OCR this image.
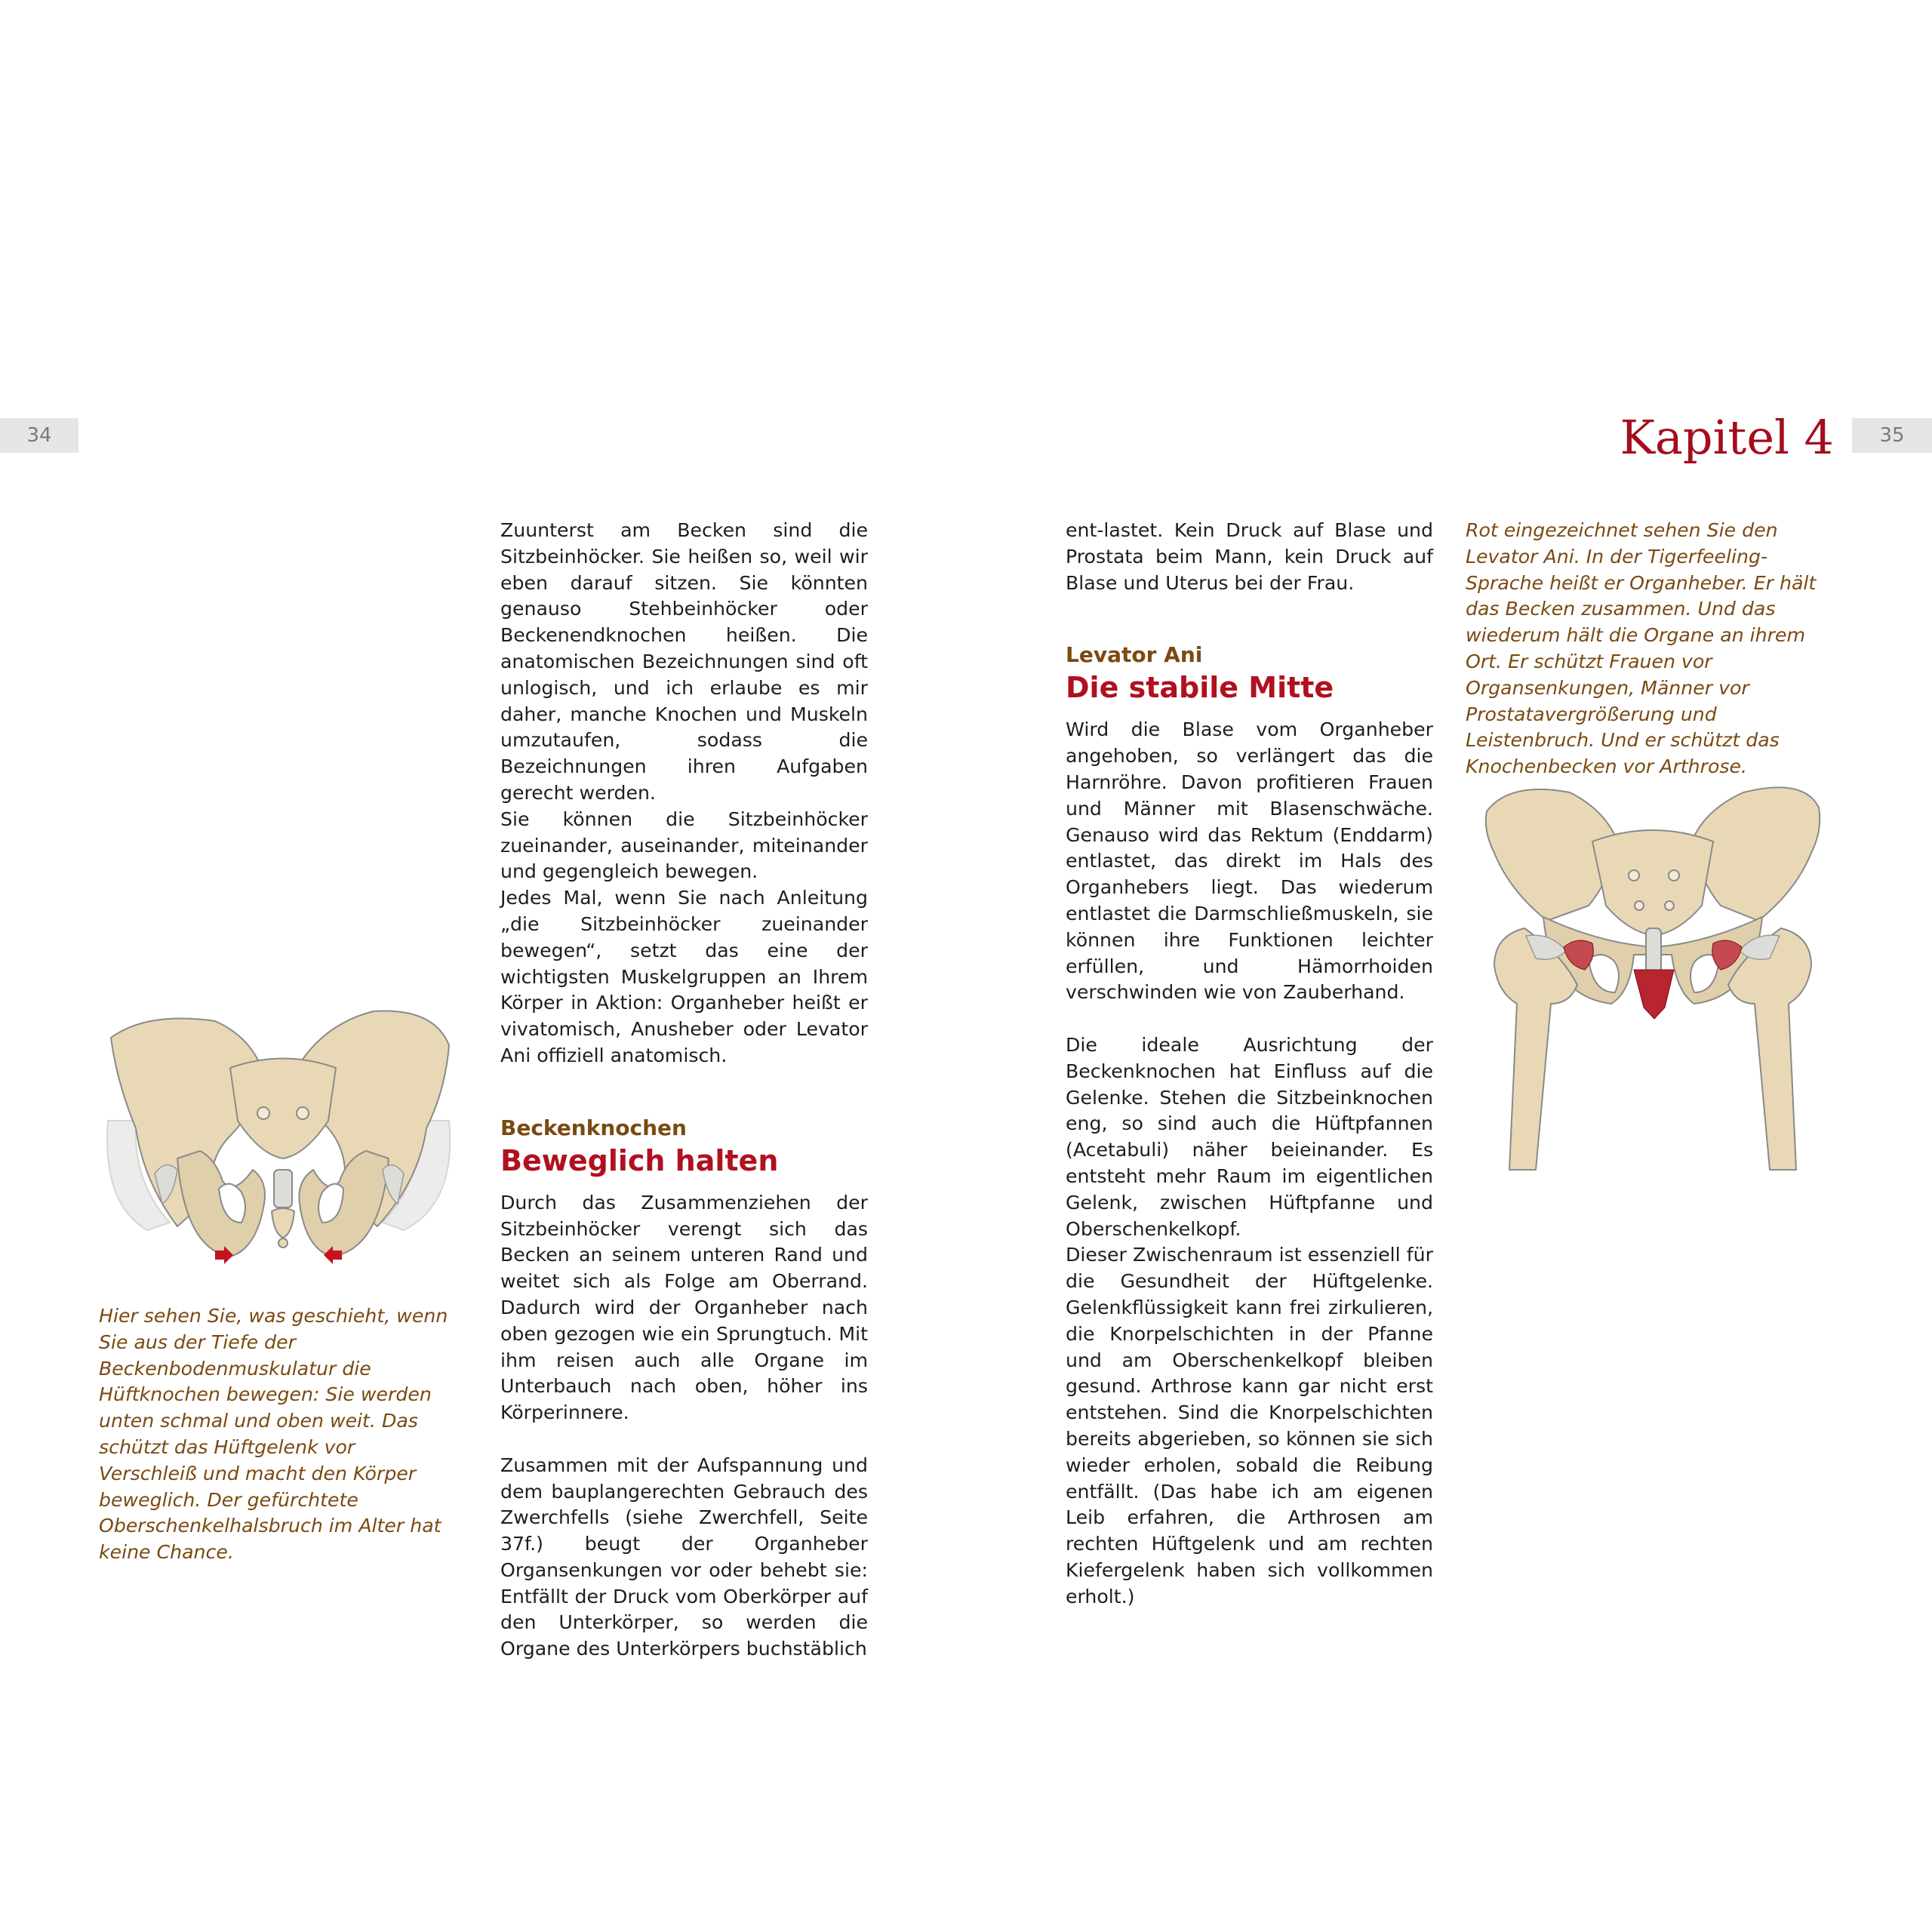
34	35
Kapitel 4
Hier sehen Sie, was geschieht, wenn Sie aus der Tiefe der Beckenbodenmuskulatur die Hüftknochen bewegen: Sie werden unten schmal und oben weit. Das schützt das Hüftgelenk vor Verschleiß und macht den Körper beweglich. Der gefürchtete Oberschenkelhalsbruch im Alter hat keine Chance.
Rot eingezeichnet sehen Sie den Levator Ani. In der Tigerfeeling-Sprache heißt er Organheber. Er hält das Becken zusammen. Und das wiederum hält die Organe an ihrem Ort. Er schützt Frauen vor Organsenkungen, Männer vor Prostatavergrößerung und Leistenbruch. Und er schützt das Knochenbecken vor Arthrose.

Zuunterst am Becken sind die Sitzbeinhöcker. Sie heißen so, weil wir eben darauf sitzen. Sie könnten genauso Stehbeinhöcker oder Beckenendknochen heißen. Die anatomischen Bezeichnungen sind oft unlogisch, und ich erlaube es mir daher, manche Knochen und Muskeln umzutaufen, sodass die Bezeichnungen ihren Aufgaben gerecht werden.

Sie können die Sitzbeinhöcker zueinander, auseinander, miteinander und gegengleich bewegen.

Jedes Mal, wenn Sie nach Anleitung „die Sitzbeinhöcker zueinander bewegen“, setzt das eine der wichtigsten Muskelgruppen an Ihrem Körper in Aktion: Organheber heißt er vivatomisch, Anusheber oder Levator Ani offiziell anatomisch.

Beckenknochen
Beweglich halten

Durch das Zusammenziehen der Sitzbeinhöcker verengt sich das Becken an seinem unteren Rand und weitet sich als Folge am Oberrand. Dadurch wird der Organheber nach oben gezogen wie ein Sprungtuch. Mit ihm reisen auch alle Organe im Unterbauch nach oben, höher ins Körperinnere.

Zusammen mit der Aufspannung und dem bauplangerechten Gebrauch des Zwerchfells (siehe Zwerchfell, Seite 37f.) beugt der Organheber Organsenkungen vor oder behebt sie: Entfällt der Druck vom Oberkörper auf den Unterkörper, so werden die Organe des Unterkörpers buchstäblich

ent-lastet. Kein Druck auf Blase und Prostata beim Mann, kein Druck auf Blase und Uterus bei der Frau.

Levator Ani
Die stabile Mitte

Wird die Blase vom Organheber angehoben, so verlängert das die Harnröhre. Davon profitieren Frauen und Männer mit Blasenschwäche. Genauso wird das Rektum (Enddarm) entlastet, das direkt im Hals des Organhebers liegt. Das wiederum entlastet die Darmschließmuskeln, sie können ihre Funktionen leichter erfüllen, und Hämorrhoiden verschwinden wie von Zauberhand.

Die ideale Ausrichtung der Beckenknochen hat Einfluss auf die Gelenke. Stehen die Sitzbeinknochen eng, so sind auch die Hüftpfannen (Acetabuli) näher beieinander. Es entsteht mehr Raum im eigentlichen Gelenk, zwischen Hüftpfanne und Oberschenkelkopf.

Dieser Zwischenraum ist essenziell für die Gesundheit der Hüftgelenke. Gelenkflüssigkeit kann frei zirkulieren, die Knorpelschichten in der Pfanne und am Oberschenkelkopf bleiben gesund. Arthrose kann gar nicht erst entstehen. Sind die Knorpelschichten bereits abgerieben, so können sie sich wieder erholen, sobald die Reibung entfällt. (Das habe ich am eigenen Leib erfahren, die Arthrosen am rechten Hüftgelenk und am rechten Kiefergelenk haben sich vollkommen erholt.)
